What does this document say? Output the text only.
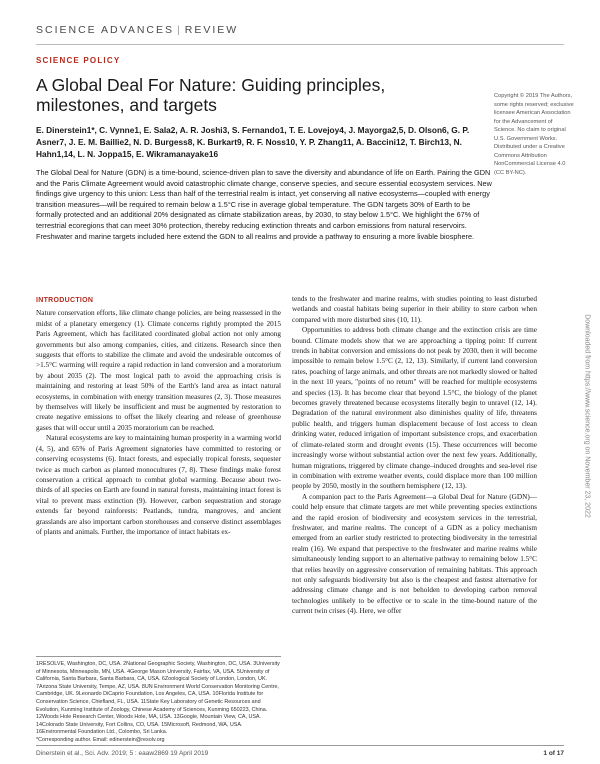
SCIENCE ADVANCES | REVIEW
SCIENCE POLICY
A Global Deal For Nature: Guiding principles, milestones, and targets
E. Dinerstein1*, C. Vynne1, E. Sala2, A. R. Joshi3, S. Fernando1, T. E. Lovejoy4, J. Mayorga2,5, D. Olson6, G. P. Asner7, J. E. M. Baillie2, N. D. Burgess8, K. Burkart9, R. F. Noss10, Y. P. Zhang11, A. Baccini12, T. Birch13, N. Hahn1,14, L. N. Joppa15, E. Wikramanayake16
The Global Deal for Nature (GDN) is a time-bound, science-driven plan to save the diversity and abundance of life on Earth. Pairing the GDN and the Paris Climate Agreement would avoid catastrophic climate change, conserve species, and secure essential ecosystem services. New findings give urgency to this union: Less than half of the terrestrial realm is intact, yet conserving all native ecosystems—coupled with energy transition measures—will be required to remain below a 1.5°C rise in average global temperature. The GDN targets 30% of Earth to be formally protected and an additional 20% designated as climate stabilization areas, by 2030, to stay below 1.5°C. We highlight the 67% of terrestrial ecoregions that can meet 30% protection, thereby reducing extinction threats and carbon emissions from natural reservoirs. Freshwater and marine targets included here extend the GDN to all realms and provide a pathway to ensuring a more livable biosphere.
Copyright © 2019 The Authors, some rights reserved; exclusive licensee American Association for the Advancement of Science. No claim to original U.S. Government Works. Distributed under a Creative Commons Attribution NonCommercial License 4.0 (CC BY-NC).
INTRODUCTION

Nature conservation efforts, like climate change policies, are being reassessed in the midst of a planetary emergency (1). Climate concerns rightly prompted the 2015 Paris Agreement, which has facilitated coordinated global action not only among governments but also among companies, cities, and citizens. Research since then suggests that efforts to stabilize the climate and avoid the undesirable outcomes of >1.5°C warming will require a rapid reduction in land conversion and a moratorium by about 2035 (2). The most logical path to avoid the approaching crisis is maintaining and restoring at least 50% of the Earth's land area as intact natural ecosystems, in combination with energy transition measures (2, 3). Those measures by themselves will likely be insufficient and must be augmented by restoration to create negative emissions to offset the likely clearing and release of greenhouse gases that will occur until a 2035 moratorium can be reached.

Natural ecosystems are key to maintaining human prosperity in a warming world (4, 5), and 65% of Paris Agreement signatories have committed to restoring or conserving ecosystems (6). Intact forests, and especially tropical forests, sequester twice as much carbon as planted monocultures (7, 8). These findings make forest conservation a critical approach to combat global warming. Because about two-thirds of all species on Earth are found in natural forests, maintaining intact forest is vital to prevent mass extinction (9). However, carbon sequestration and storage extends far beyond rainforests: Peatlands, tundra, mangroves, and ancient grasslands are also important carbon storehouses and conserve distinct assemblages of plants and animals. Further, the importance of intact habitats ex-

tends to the freshwater and marine realms, with studies pointing to least disturbed wetlands and coastal habitats being superior in their ability to store carbon when compared with more disturbed sites (10, 11).

Opportunities to address both climate change and the extinction crisis are time bound. Climate models show that we are approaching a tipping point: If current trends in habitat conversion and emissions do not peak by 2030, then it will become impossible to remain below 1.5°C (2, 12, 13). Similarly, if current land conversion rates, poaching of large animals, and other threats are not markedly slowed or halted in the next 10 years, "points of no return" will be reached for multiple ecosystems and species (13). It has become clear that beyond 1.5°C, the biology of the planet becomes gravely threatened because ecosystems literally begin to unravel (12, 14). Degradation of the natural environment also diminishes quality of life, threatens public health, and triggers human displacement because of lost access to clean drinking water, reduced irrigation of important subsistence crops, and exacerbation of climate-related storm and drought events (15). These occurrences will become increasingly worse without substantial action over the next few years. Additionally, human migrations, triggered by climate change–induced droughts and sea-level rise in combination with extreme weather events, could displace more than 100 million people by 2050, mostly in the southern hemisphere (12, 13).

A companion pact to the Paris Agreement—a Global Deal for Nature (GDN)—could help ensure that climate targets are met while preventing species extinctions and the rapid erosion of biodiversity and ecosystem services in the terrestrial, freshwater, and marine realms. The concept of a GDN as a policy mechanism emerged from an earlier study restricted to protecting biodiversity in the terrestrial realm (16). We expand that perspective to the freshwater and marine realms while simultaneously lending support to an alternative pathway to remaining below 1.5°C that relies heavily on aggressive conservation of remaining habitats. This approach not only safeguards biodiversity but also is the cheapest and fastest alternative for addressing climate change and is not beholden to developing carbon removal technologies unlikely to be effective or to scale in the time-bound nature of the current twin crises (4). Here, we offer

1RESOLVE, Washington, DC, USA. 2National Geographic Society, Washington, DC, USA. 3University of Minnesota, Minneapolis, MN, USA. 4George Mason University, Fairfax, VA, USA. 5University of California, Santa Barbara, Santa Barbara, CA, USA. 6Zoological Society of London, London, UK. 7Arizona State University, Tempe, AZ, USA. 8UN Environment World Conservation Monitoring Centre, Cambridge, UK. 9Leonardo DiCaprio Foundation, Los Angeles, CA, USA. 10Florida Institute for Conservation Science, Chiefland, FL, USA. 11State Key Laboratory of Genetic Resources and Evolution, Kunming Institute of Zoology, Chinese Academy of Sciences, Kunming 650223, China. 12Woods Hole Research Center, Woods Hole, MA, USA. 13Google, Mountain View, CA, USA. 14Colorado State University, Fort Collins, CO, USA. 15Microsoft, Redmond, WA, USA. 16Environmental Foundation Ltd., Colombo, Sri Lanka.
*Corresponding author. Email: edinerstein@resolv.org
Dinerstein et al., Sci. Adv. 2019; 5 : eaaw2869 19 April 2019	1 of 17
Downloaded from https://www.science.org on November 23, 2022
